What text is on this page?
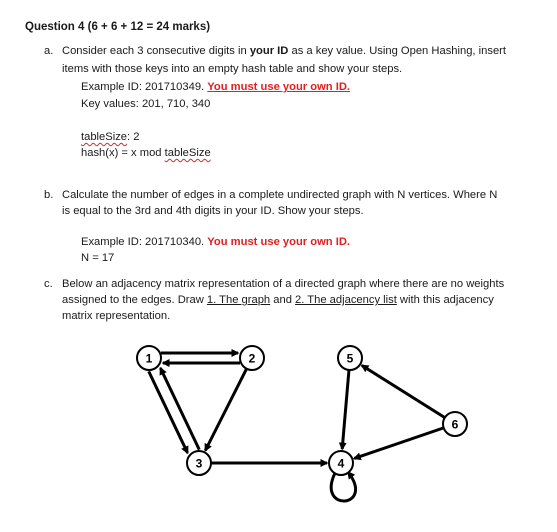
Question 4 (6 + 6 + 12 = 24 marks)
a. Consider each 3 consecutive digits in your ID as a key value. Using Open Hashing, insert
items with those keys into an empty hash table and show your steps.
Example ID: 201710349. You must use your own ID.
Key values: 201, 710, 340
tableSize: 2
hash(x) = x mod tableSize
b. Calculate the number of edges in a complete undirected graph with N vertices. Where N
is equal to the 3rd and 4th digits in your ID. Show your steps.
Example ID: 201710340. You must use your own ID.
N = 17
c. Below an adjacency matrix representation of a directed graph where there are no weights
assigned to the edges. Draw 1. The graph and 2. The adjacency list with this adjacency
matrix representation.
1	2
3	4
5
6
